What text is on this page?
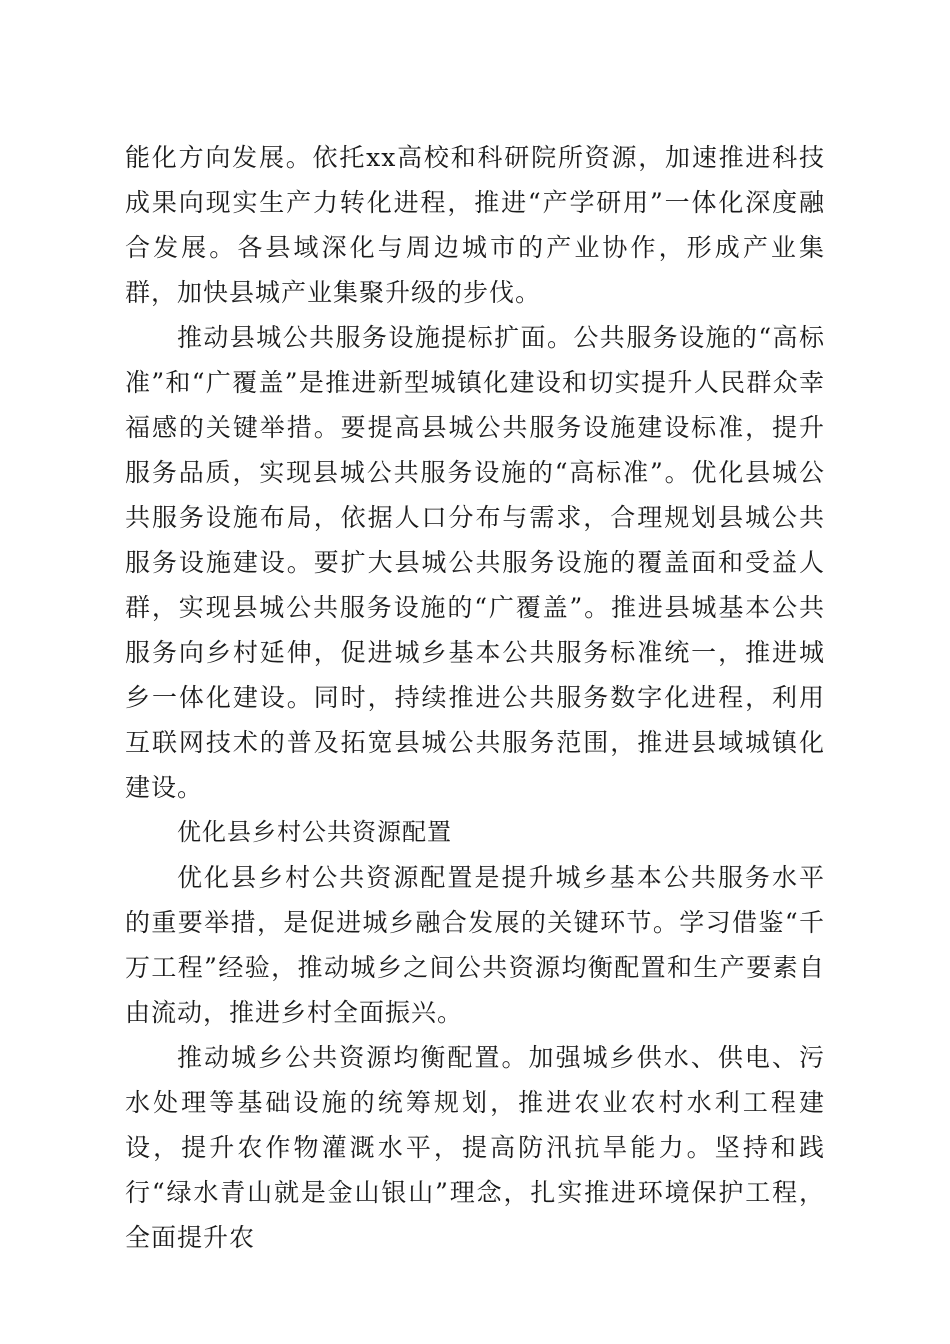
能化方向发展。依托xx高校和科研院所资源，加速推进科技成果向现实生产力转化进程，推进“产学研用”一体化深度融合发展。各县域深化与周边城市的产业协作，形成产业集群，加快县城产业集聚升级的步伐。

推动县城公共服务设施提标扩面。公共服务设施的“高标准”和“广覆盖”是推进新型城镇化建设和切实提升人民群众幸福感的关键举措。要提高县城公共服务设施建设标准，提升服务品质，实现县城公共服务设施的“高标准”。优化县城公共服务设施布局，依据人口分布与需求，合理规划县城公共服务设施建设。要扩大县城公共服务设施的覆盖面和受益人群，实现县城公共服务设施的“广覆盖”。推进县城基本公共服务向乡村延伸，促进城乡基本公共服务标准统一，推进城乡一体化建设。同时，持续推进公共服务数字化进程，利用互联网技术的普及拓宽县城公共服务范围，推进县域城镇化建设。

优化县乡村公共资源配置

优化县乡村公共资源配置是提升城乡基本公共服务水平的重要举措，是促进城乡融合发展的关键环节。学习借鉴“千万工程”经验，推动城乡之间公共资源均衡配置和生产要素自由流动，推进乡村全面振兴。

推动城乡公共资源均衡配置。加强城乡供水、供电、污水处理等基础设施的统筹规划，推进农业农村水利工程建设，提升农作物灌溉水平，提高防汛抗旱能力。坚持和践行“绿水青山就是金山银山”理念，扎实推进环境保护工程，全面提升农
